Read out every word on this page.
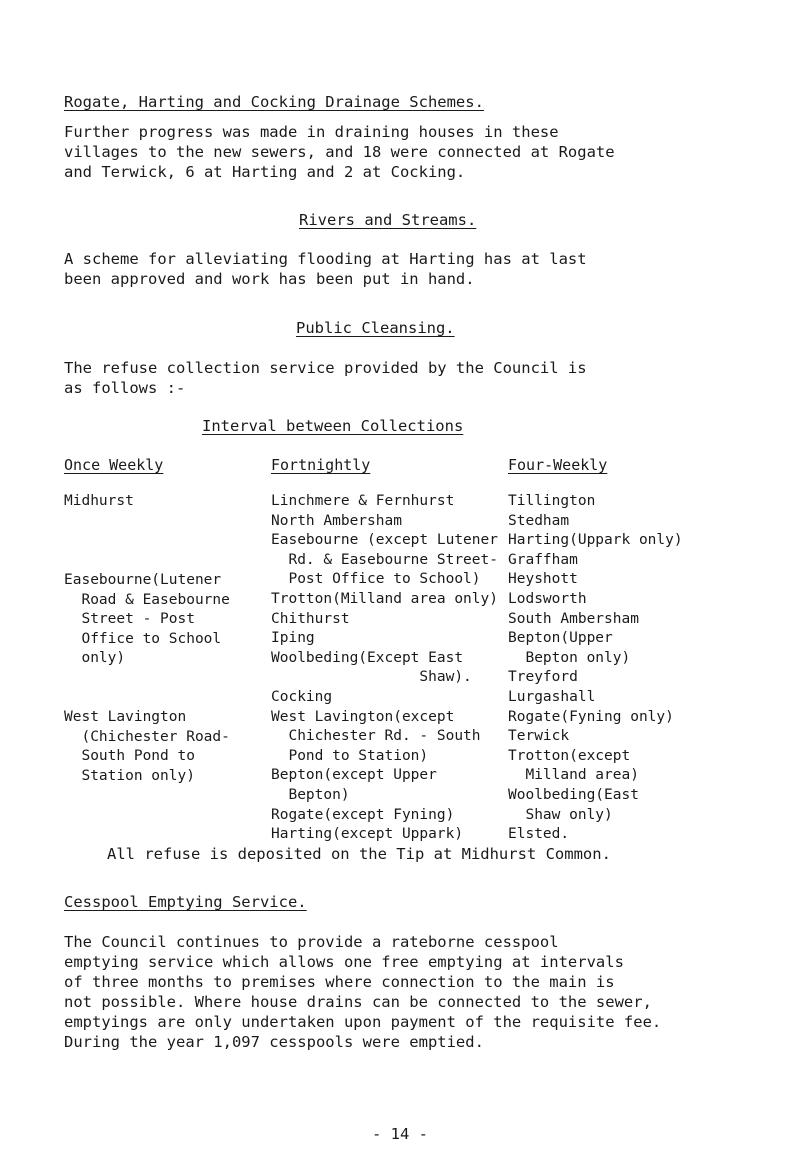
Rogate, Harting and Cocking Drainage Schemes.
Further progress was made in draining houses in these
villages to the new sewers, and 18 were connected at Rogate
and Terwick, 6 at Harting and 2 at Cocking.
Rivers and Streams.
A scheme for alleviating flooding at Harting has at last
been approved and work has been put in hand.
Public Cleansing.
The refuse collection service provided by the Council is
as follows :-
Interval between Collections
Once Weekly	Fortnightly	Four-Weekly
Midhurst
Easebourne(Lutener
Road & Easebourne
Street - Post
Office to School
only)
West Lavington
(Chichester Road-
South Pond to
Station only)
Linchmere & Fernhurst
North Ambersham
Easebourne (except Lutener
Rd. & Easebourne Street-
Post Office to School)
Trotton(Milland area only)
Chithurst
Iping
Woolbeding(Except East
Shaw).
Cocking
West Lavington(except
Chichester Rd. - South
Pond to Station)
Bepton(except Upper
Bepton)
Rogate(except Fyning)
Harting(except Uppark)
Tillington
Stedham
Harting(Uppark only)
Graffham
Heyshott
Lodsworth
South Ambersham
Bepton(Upper
Bepton only)
Treyford
Lurgashall
Rogate(Fyning only)
Terwick
Trotton(except
Milland area)
Woolbeding(East
Shaw only)
Elsted.
All refuse is deposited on the Tip at Midhurst Common.
Cesspool Emptying Service.
The Council continues to provide a rateborne cesspool
emptying service which allows one free emptying at intervals
of three months to premises where connection to the main is
not possible. Where house drains can be connected to the sewer,
emptyings are only undertaken upon payment of the requisite fee.
During the year 1,097 cesspools were emptied.
- 14 -
